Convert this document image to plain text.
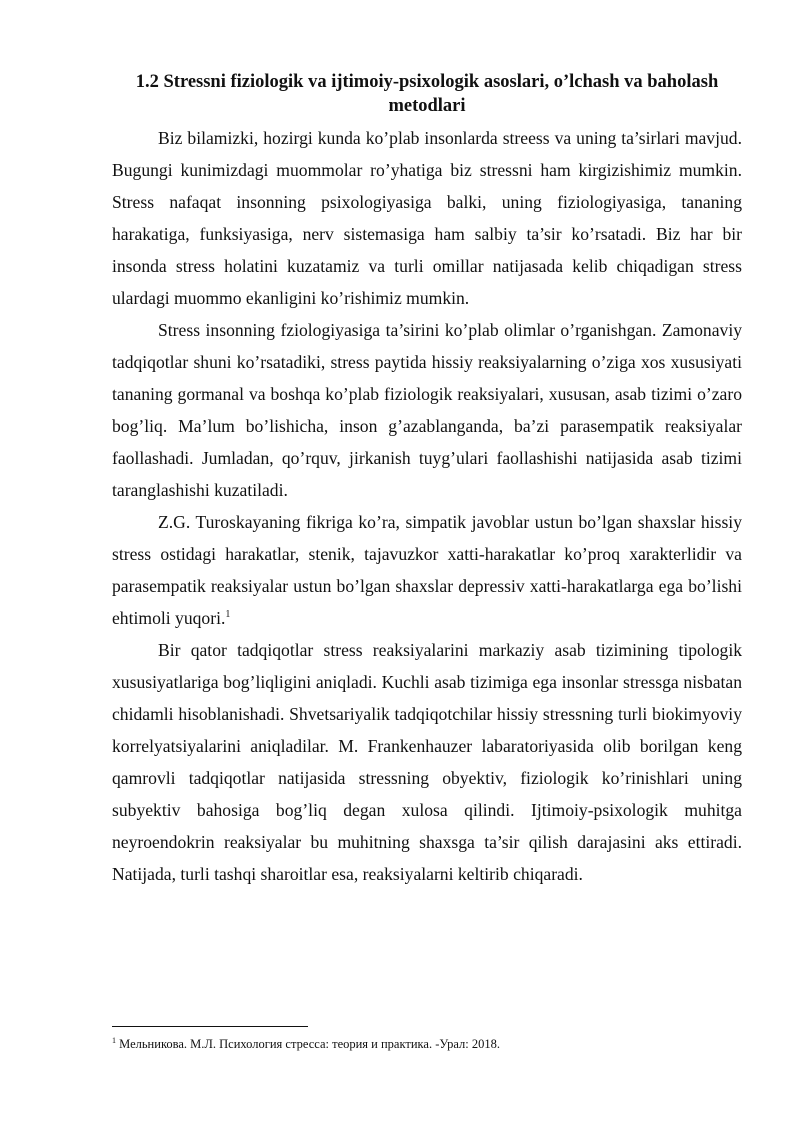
1.2 Stressni fiziologik va ijtimoiy-psixologik asoslari, o’lchash va baholash metodlari

Biz bilamizki, hozirgi kunda ko’plab insonlarda streess va uning ta’sirlari mavjud. Bugungi kunimizdagi muommolar ro’yhatiga biz stressni ham kirgizishimiz mumkin. Stress nafaqat insonning psixologiyasiga balki, uning fiziologiyasiga, tananing harakatiga, funksiyasiga, nerv sistemasiga ham salbiy ta’sir ko’rsatadi. Biz har bir insonda stress holatini kuzatamiz va turli omillar natijasada kelib chiqadigan stress ulardagi muommo ekanligini ko’rishimiz mumkin.

Stress insonning fziologiyasiga ta’sirini ko’plab olimlar o’rganishgan. Zamonaviy tadqiqotlar shuni ko’rsatadiki, stress paytida hissiy reaksiyalarning o’ziga xos xususiyati tananing gormanal va boshqa ko’plab fiziologik reaksiyalari, xususan, asab tizimi o’zaro bog’liq. Ma’lum bo’lishicha, inson g’azablanganda, ba’zi parasempatik reaksiyalar faollashadi. Jumladan, qo’rquv, jirkanish tuyg’ulari faollashishi natijasida asab tizimi taranglashishi kuzatiladi.

Z.G. Turoskayaning fikriga ko’ra, simpatik javoblar ustun bo’lgan shaxslar hissiy stress ostidagi harakatlar, stenik, tajavuzkor xatti-harakatlar ko’proq xarakterlidir va parasempatik reaksiyalar ustun bo’lgan shaxslar depressiv xatti-harakatlarga ega bo’lishi ehtimoli yuqori.$^1$

Bir qator tadqiqotlar stress reaksiyalarini markaziy asab tizimining tipologik xususiyatlariga bog’liqligini aniqladi. Kuchli asab tizimiga ega insonlar stressga nisbatan chidamli hisoblanishadi. Shvetsariyalik tadqiqotchilar hissiy stressning turli biokimyoviy korrelyatsiyalarini aniqladilar. M. Frankenhauzer labaratoriyasida olib borilgan keng qamrovli tadqiqotlar natijasida stressning obyektiv, fiziologik ko’rinishlari uning subyektiv bahosiga bog’liq degan xulosa qilindi. Ijtimoiy-psixologik muhitga neyroendokrin reaksiyalar bu muhitning shaxsga ta’sir qilish darajasini aks ettiradi. Natijada, turli tashqi sharoitlar esa, reaksiyalarni keltirib chiqaradi.

$^1$ Мельникова. М.Л. Психология стресса: теория и практика. -Урал: 2018.
